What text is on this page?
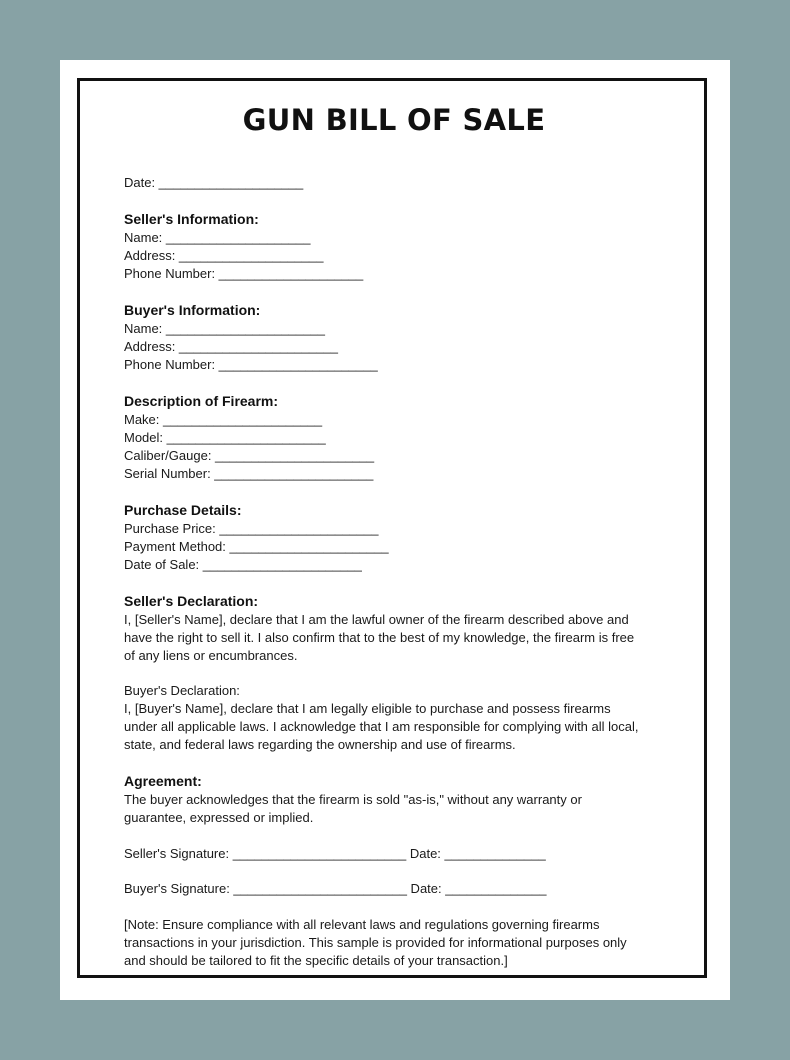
GUN BILL OF SALE
Date: ____________________
Seller's Information:
Name: ____________________
Address: ____________________
Phone Number: ____________________
Buyer's Information:
Name: ______________________
Address: ______________________
Phone Number: ______________________
Description of Firearm:
Make: ______________________
Model: ______________________
Caliber/Gauge: ______________________
Serial Number: ______________________
Purchase Details:
Purchase Price: ______________________
Payment Method: ______________________
Date of Sale: ______________________
Seller's Declaration:
I, [Seller's Name], declare that I am the lawful owner of the firearm described above and
have the right to sell it. I also confirm that to the best of my knowledge, the firearm is free
of any liens or encumbrances.
Buyer's Declaration:
I, [Buyer's Name], declare that I am legally eligible to purchase and possess firearms
under all applicable laws. I acknowledge that I am responsible for complying with all local,
state, and federal laws regarding the ownership and use of firearms.
Agreement:
The buyer acknowledges that the firearm is sold "as-is," without any warranty or
guarantee, expressed or implied.
Seller's Signature: ________________________ Date: ______________
Buyer's Signature: ________________________ Date: ______________
[Note: Ensure compliance with all relevant laws and regulations governing firearms
transactions in your jurisdiction. This sample is provided for informational purposes only
and should be tailored to fit the specific details of your transaction.]
